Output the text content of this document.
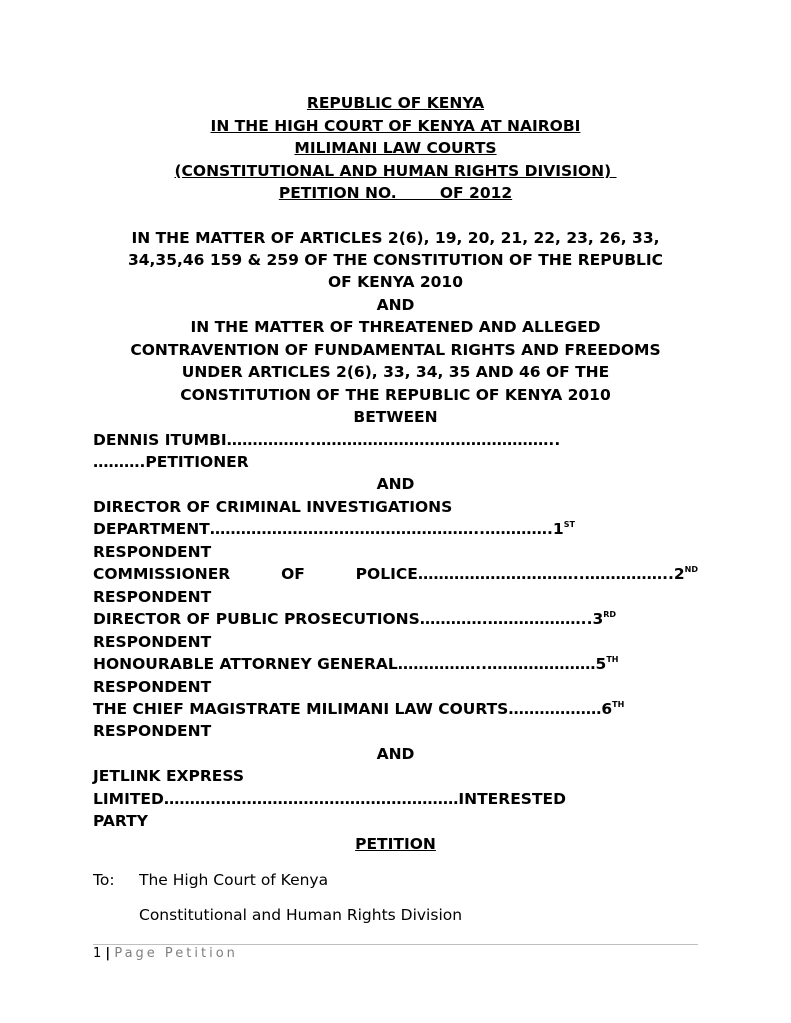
REPUBLIC OF KENYA
IN THE HIGH COURT OF KENYA AT NAIROBI
MILIMANI LAW COURTS
(CONSTITUTIONAL AND HUMAN RIGHTS DIVISION)
PETITION NO.        OF 2012
IN THE MATTER OF ARTICLES 2(6), 19, 20, 21, 22, 23, 26, 33,
34,35,46 159 & 259 OF THE CONSTITUTION OF THE REPUBLIC
OF KENYA 2010
AND
IN THE MATTER OF THREATENED AND ALLEGED
CONTRAVENTION OF FUNDAMENTAL RIGHTS AND FREEDOMS
UNDER ARTICLES 2(6), 33, 34, 35 AND 46 OF THE
CONSTITUTION OF THE REPUBLIC OF KENYA 2010
BETWEEN
DENNIS ITUMBI……………..………………………………………..
……….PETITIONER
AND
DIRECTOR OF CRIMINAL INVESTIGATIONS
DEPARTMENT……………………………………………..………….1ST
RESPONDENT
COMMISSIONER	OF	POLICE…………………………..……………..2ND
RESPONDENT
DIRECTOR OF PUBLIC PROSECUTIONS………….………………..3RD
RESPONDENT
HONOURABLE ATTORNEY GENERAL……………..…………………5TH
RESPONDENT
THE CHIEF MAGISTRATE MILIMANI LAW COURTS………………6TH
RESPONDENT
AND
JETLINK EXPRESS
LIMITED…………………………………………………INTERESTED
PARTY
PETITION
To: The High Court of Kenya
Constitutional and Human Rights Division
1 | Page Petition
